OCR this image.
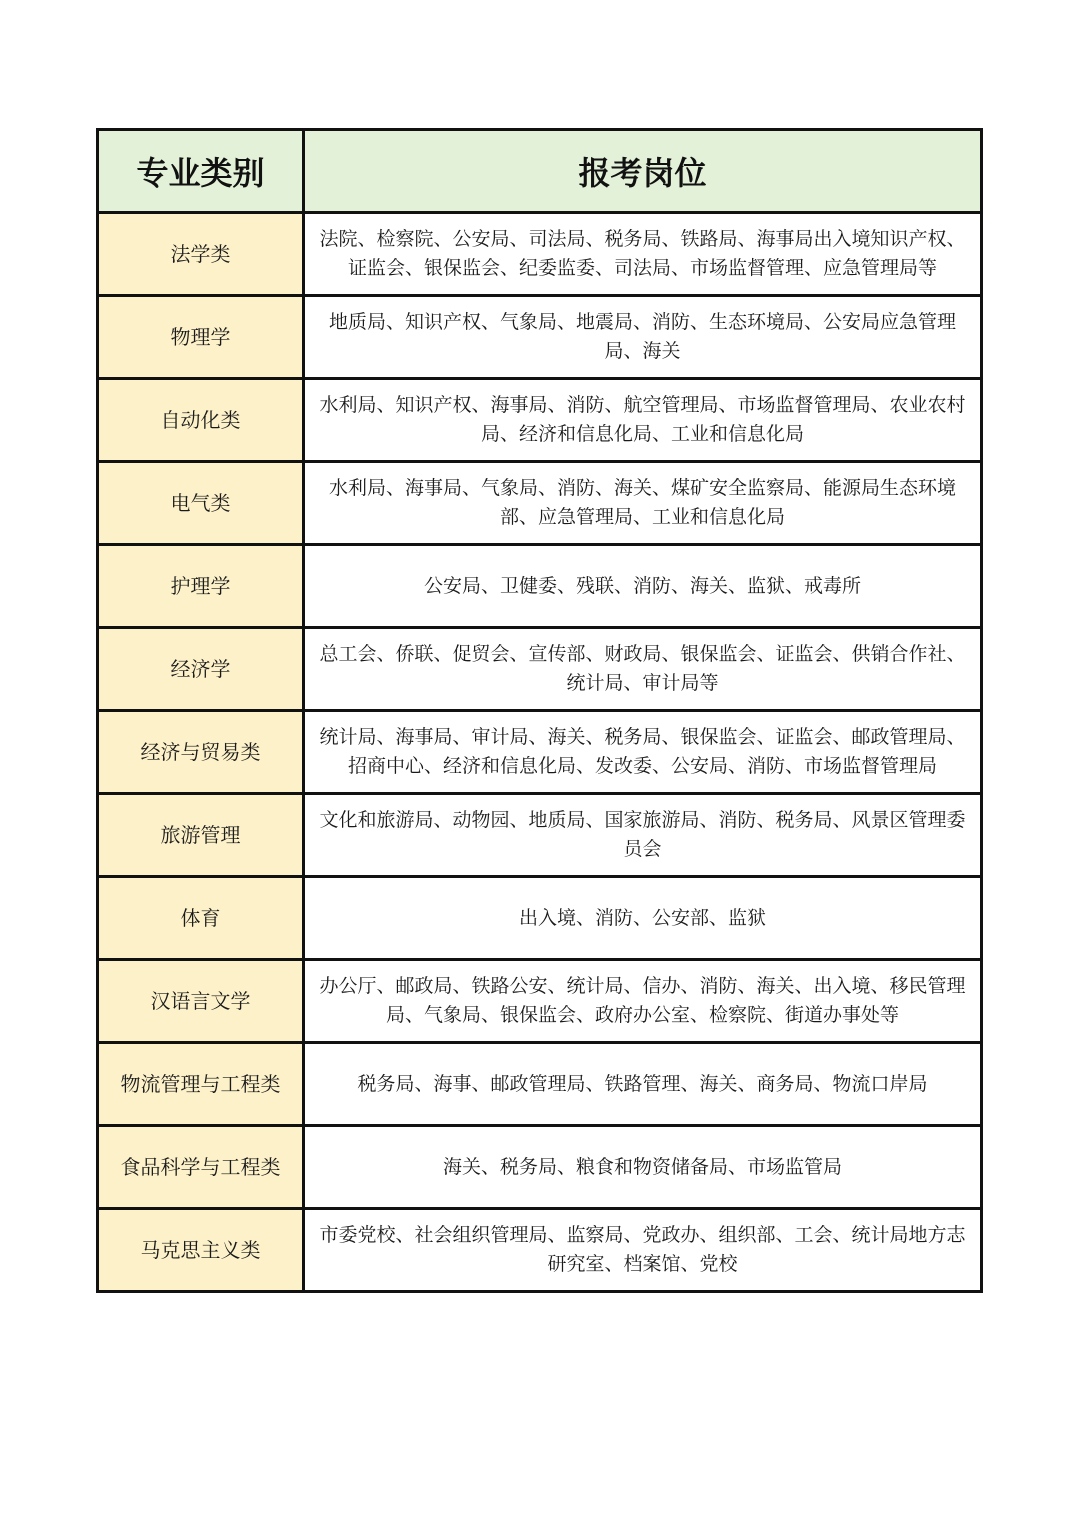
专业类别	报考岗位
法学类	法院、检察院、公安局、司法局、税务局、铁路局、海事局出入境知识产权、证监会、银保监会、纪委监委、司法局、市场监督管理、应急管理局等
物理学	地质局、知识产权、气象局、地震局、消防、生态环境局、公安局应急管理局、海关
自动化类	水利局、知识产权、海事局、消防、航空管理局、市场监督管理局、农业农村局、经济和信息化局、工业和信息化局
电气类	水利局、海事局、气象局、消防、海关、煤矿安全监察局、能源局生态环境部、应急管理局、工业和信息化局
护理学	公安局、卫健委、残联、消防、海关、监狱、戒毒所
经济学	总工会、侨联、促贸会、宣传部、财政局、银保监会、证监会、供销合作社、统计局、审计局等
经济与贸易类	统计局、海事局、审计局、海关、税务局、银保监会、证监会、邮政管理局、招商中心、经济和信息化局、发改委、公安局、消防、市场监督管理局
旅游管理	文化和旅游局、动物园、地质局、国家旅游局、消防、税务局、风景区管理委员会
体育	出入境、消防、公安部、监狱
汉语言文学	办公厅、邮政局、铁路公安、统计局、信办、消防、海关、出入境、移民管理局、气象局、银保监会、政府办公室、检察院、街道办事处等
物流管理与工程类	税务局、海事、邮政管理局、铁路管理、海关、商务局、物流口岸局
食品科学与工程类	海关、税务局、粮食和物资储备局、市场监管局
马克思主义类	市委党校、社会组织管理局、监察局、党政办、组织部、工会、统计局地方志研究室、档案馆、党校
